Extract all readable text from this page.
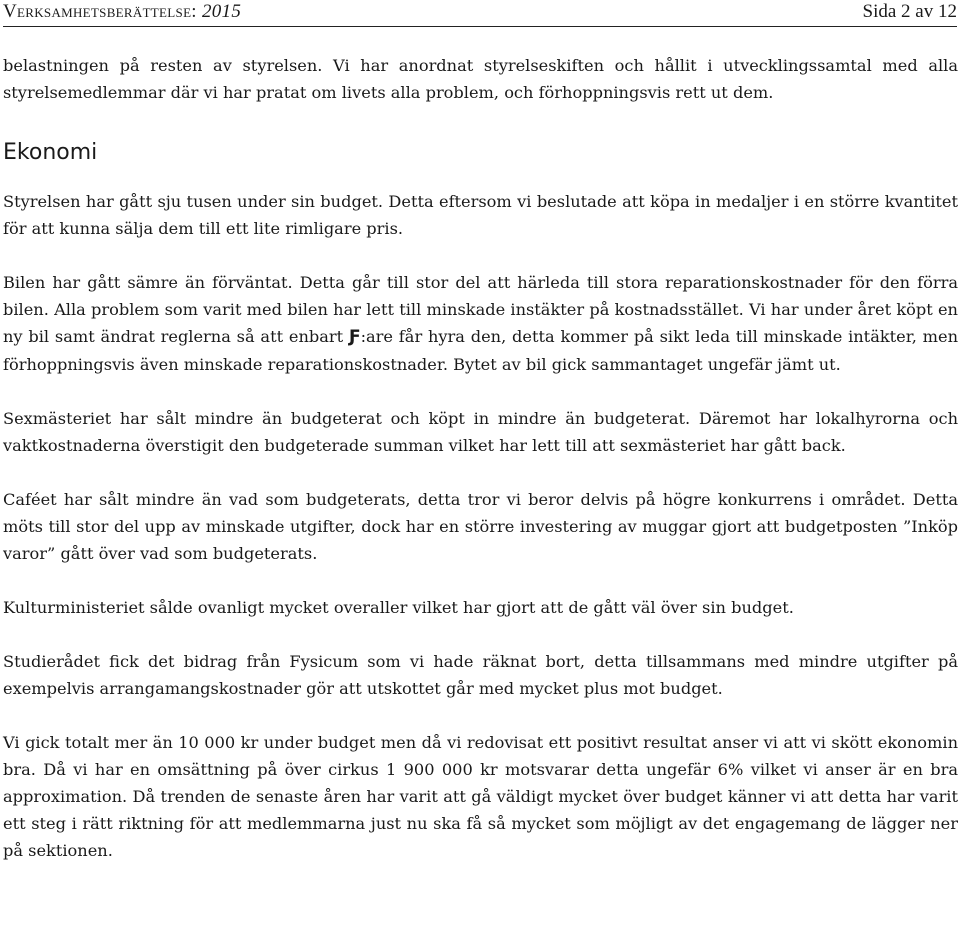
Verksamhetsberättelse: 2015	Sida 2 av 12

belastningen på resten av styrelsen. Vi har anordnat styrelseskiften och hållit i utvecklingssamtal med alla styrelsemedlemmar där vi har pratat om livets alla problem, och förhoppningsvis rett ut dem.

Ekonomi

Styrelsen har gått sju tusen under sin budget. Detta eftersom vi beslutade att köpa in medaljer i en större kvantitet för att kunna sälja dem till ett lite rimligare pris.

Bilen har gått sämre än förväntat. Detta går till stor del att härleda till stora reparationskostnader för den förra bilen. Alla problem som varit med bilen har lett till minskade instäkter på kostnadsstället. Vi har under året köpt en ny bil samt ändrat reglerna så att enbart Ƒ:are får hyra den, detta kommer på sikt leda till minskade intäkter, men förhoppningsvis även minskade reparationskostnader. Bytet av bil gick sammantaget ungefär jämt ut.

Sexmästeriet har sålt mindre än budgeterat och köpt in mindre än budgeterat. Däremot har lokalhyrorna och vaktkostnaderna överstigit den budgeterade summan vilket har lett till att sexmästeriet har gått back.

Caféet har sålt mindre än vad som budgeterats, detta tror vi beror delvis på högre konkurrens i området. Detta möts till stor del upp av minskade utgifter, dock har en större investering av muggar gjort att budgetposten ”Inköp varor” gått över vad som budgeterats.

Kulturministeriet sålde ovanligt mycket overaller vilket har gjort att de gått väl över sin budget.

Studierådet fick det bidrag från Fysicum som vi hade räknat bort, detta tillsammans med mindre utgifter på exempelvis arrangamangskostnader gör att utskottet går med mycket plus mot budget.

Vi gick totalt mer än 10 000 kr under budget men då vi redovisat ett positivt resultat anser vi att vi skött ekonomin bra. Då vi har en omsättning på över cirkus 1 900 000 kr motsvarar detta ungefär 6% vilket vi anser är en bra approximation. Då trenden de senaste åren har varit att gå väldigt mycket över budget känner vi att detta har varit ett steg i rätt riktning för att medlemmarna just nu ska få så mycket som möjligt av det engagemang de lägger ner på sektionen.
